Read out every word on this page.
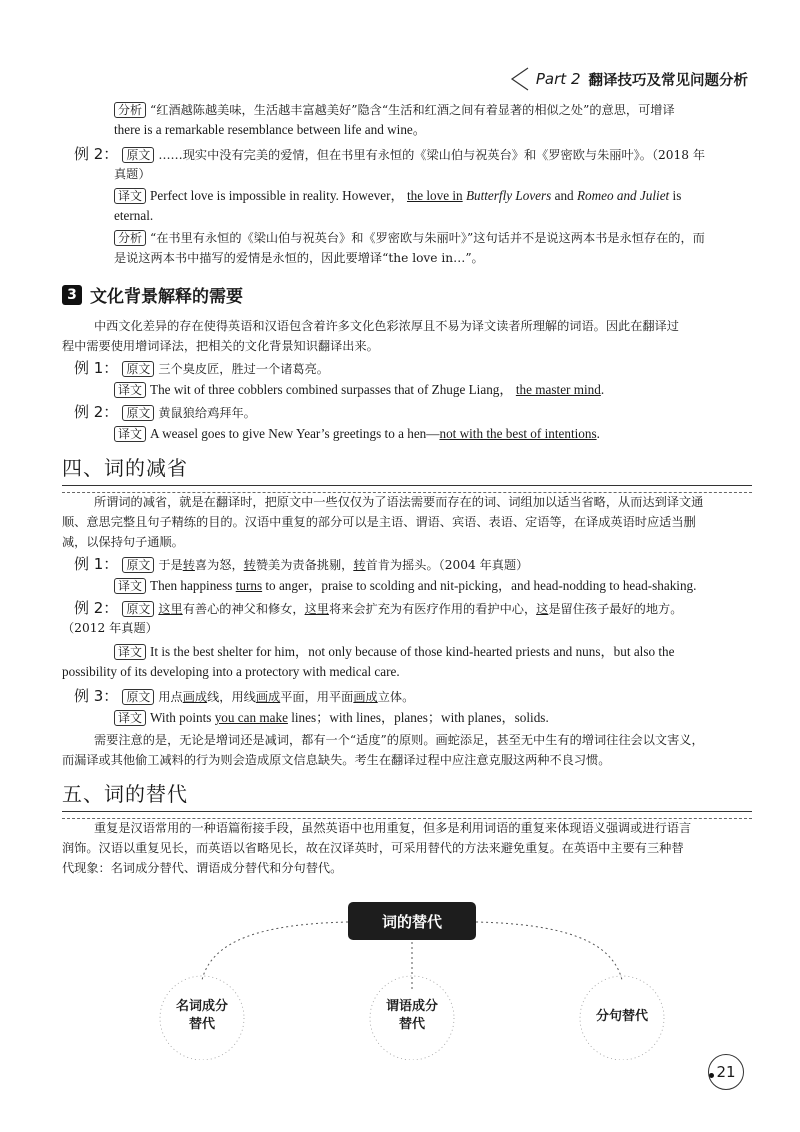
Part 2 翻译技巧及常见问题分析
分析 “红酒越陈越美味，生活越丰富越美好”隐含“生活和红酒之间有着显著的相似之处”的意思，可增译
there is a remarkable resemblance between life and wine。
例 2： 原文 ……现实中没有完美的爱情，但在书里有永恒的《梁山伯与祝英台》和《罗密欧与朱丽叶》。（2018 年
真题）
译文 Perfect love is impossible in reality. However， the love in Butterfly Lovers and Romeo and Juliet is
eternal.
分析 “在书里有永恒的《梁山伯与祝英台》和《罗密欧与朱丽叶》”这句话并不是说这两本书是永恒存在的，而
是说这两本书中描写的爱情是永恒的，因此要增译“the love in…”。
3 文化背景解释的需要
中西文化差异的存在使得英语和汉语包含着许多文化色彩浓厚且不易为译文读者所理解的词语。因此在翻译过
程中需要使用增词译法，把相关的文化背景知识翻译出来。
例 1： 原文 三个臭皮匠，胜过一个诸葛亮。
译文 The wit of three cobblers combined surpasses that of Zhuge Liang， the master mind.
例 2： 原文 黄鼠狼给鸡拜年。
译文 A weasel goes to give New Year’s greetings to a hen—not with the best of intentions.
四、词的减省
所谓词的减省，就是在翻译时，把原文中一些仅仅为了语法需要而存在的词、词组加以适当省略，从而达到译文通
顺、意思完整且句子精练的目的。汉语中重复的部分可以是主语、谓语、宾语、表语、定语等，在译成英语时应适当删
减，以保持句子通顺。
例 1： 原文 于是转喜为怒，转赞美为责备挑剔，转首肯为摇头。（2004 年真题）
译文 Then happiness turns to anger，praise to scolding and nit-picking，and head-nodding to head-shaking.
例 2： 原文 这里有善心的神父和修女，这里将来会扩充为有医疗作用的看护中心，这是留住孩子最好的地方。
（2012 年真题）
译文 It is the best shelter for him，not only because of those kind-hearted priests and nuns，but also the
possibility of its developing into a protectory with medical care.
例 3： 原文 用点画成线，用线画成平面，用平面画成立体。
译文 With points you can make lines；with lines，planes；with planes，solids.
需要注意的是，无论是增词还是减词，都有一个“适度”的原则。画蛇添足，甚至无中生有的增词往往会以文害义，
而漏译或其他偷工减料的行为则会造成原文信息缺失。考生在翻译过程中应注意克服这两种不良习惯。
五、词的替代
重复是汉语常用的一种语篇衔接手段，虽然英语中也用重复，但多是利用词语的重复来体现语义强调或进行语言
润饰。汉语以重复见长，而英语以省略见长，故在汉译英时，可采用替代的方法来避免重复。在英语中主要有三种替
代现象：名词成分替代、谓语成分替代和分句替代。
词的替代
名词成分
替代
谓语成分
替代
分句替代
21
